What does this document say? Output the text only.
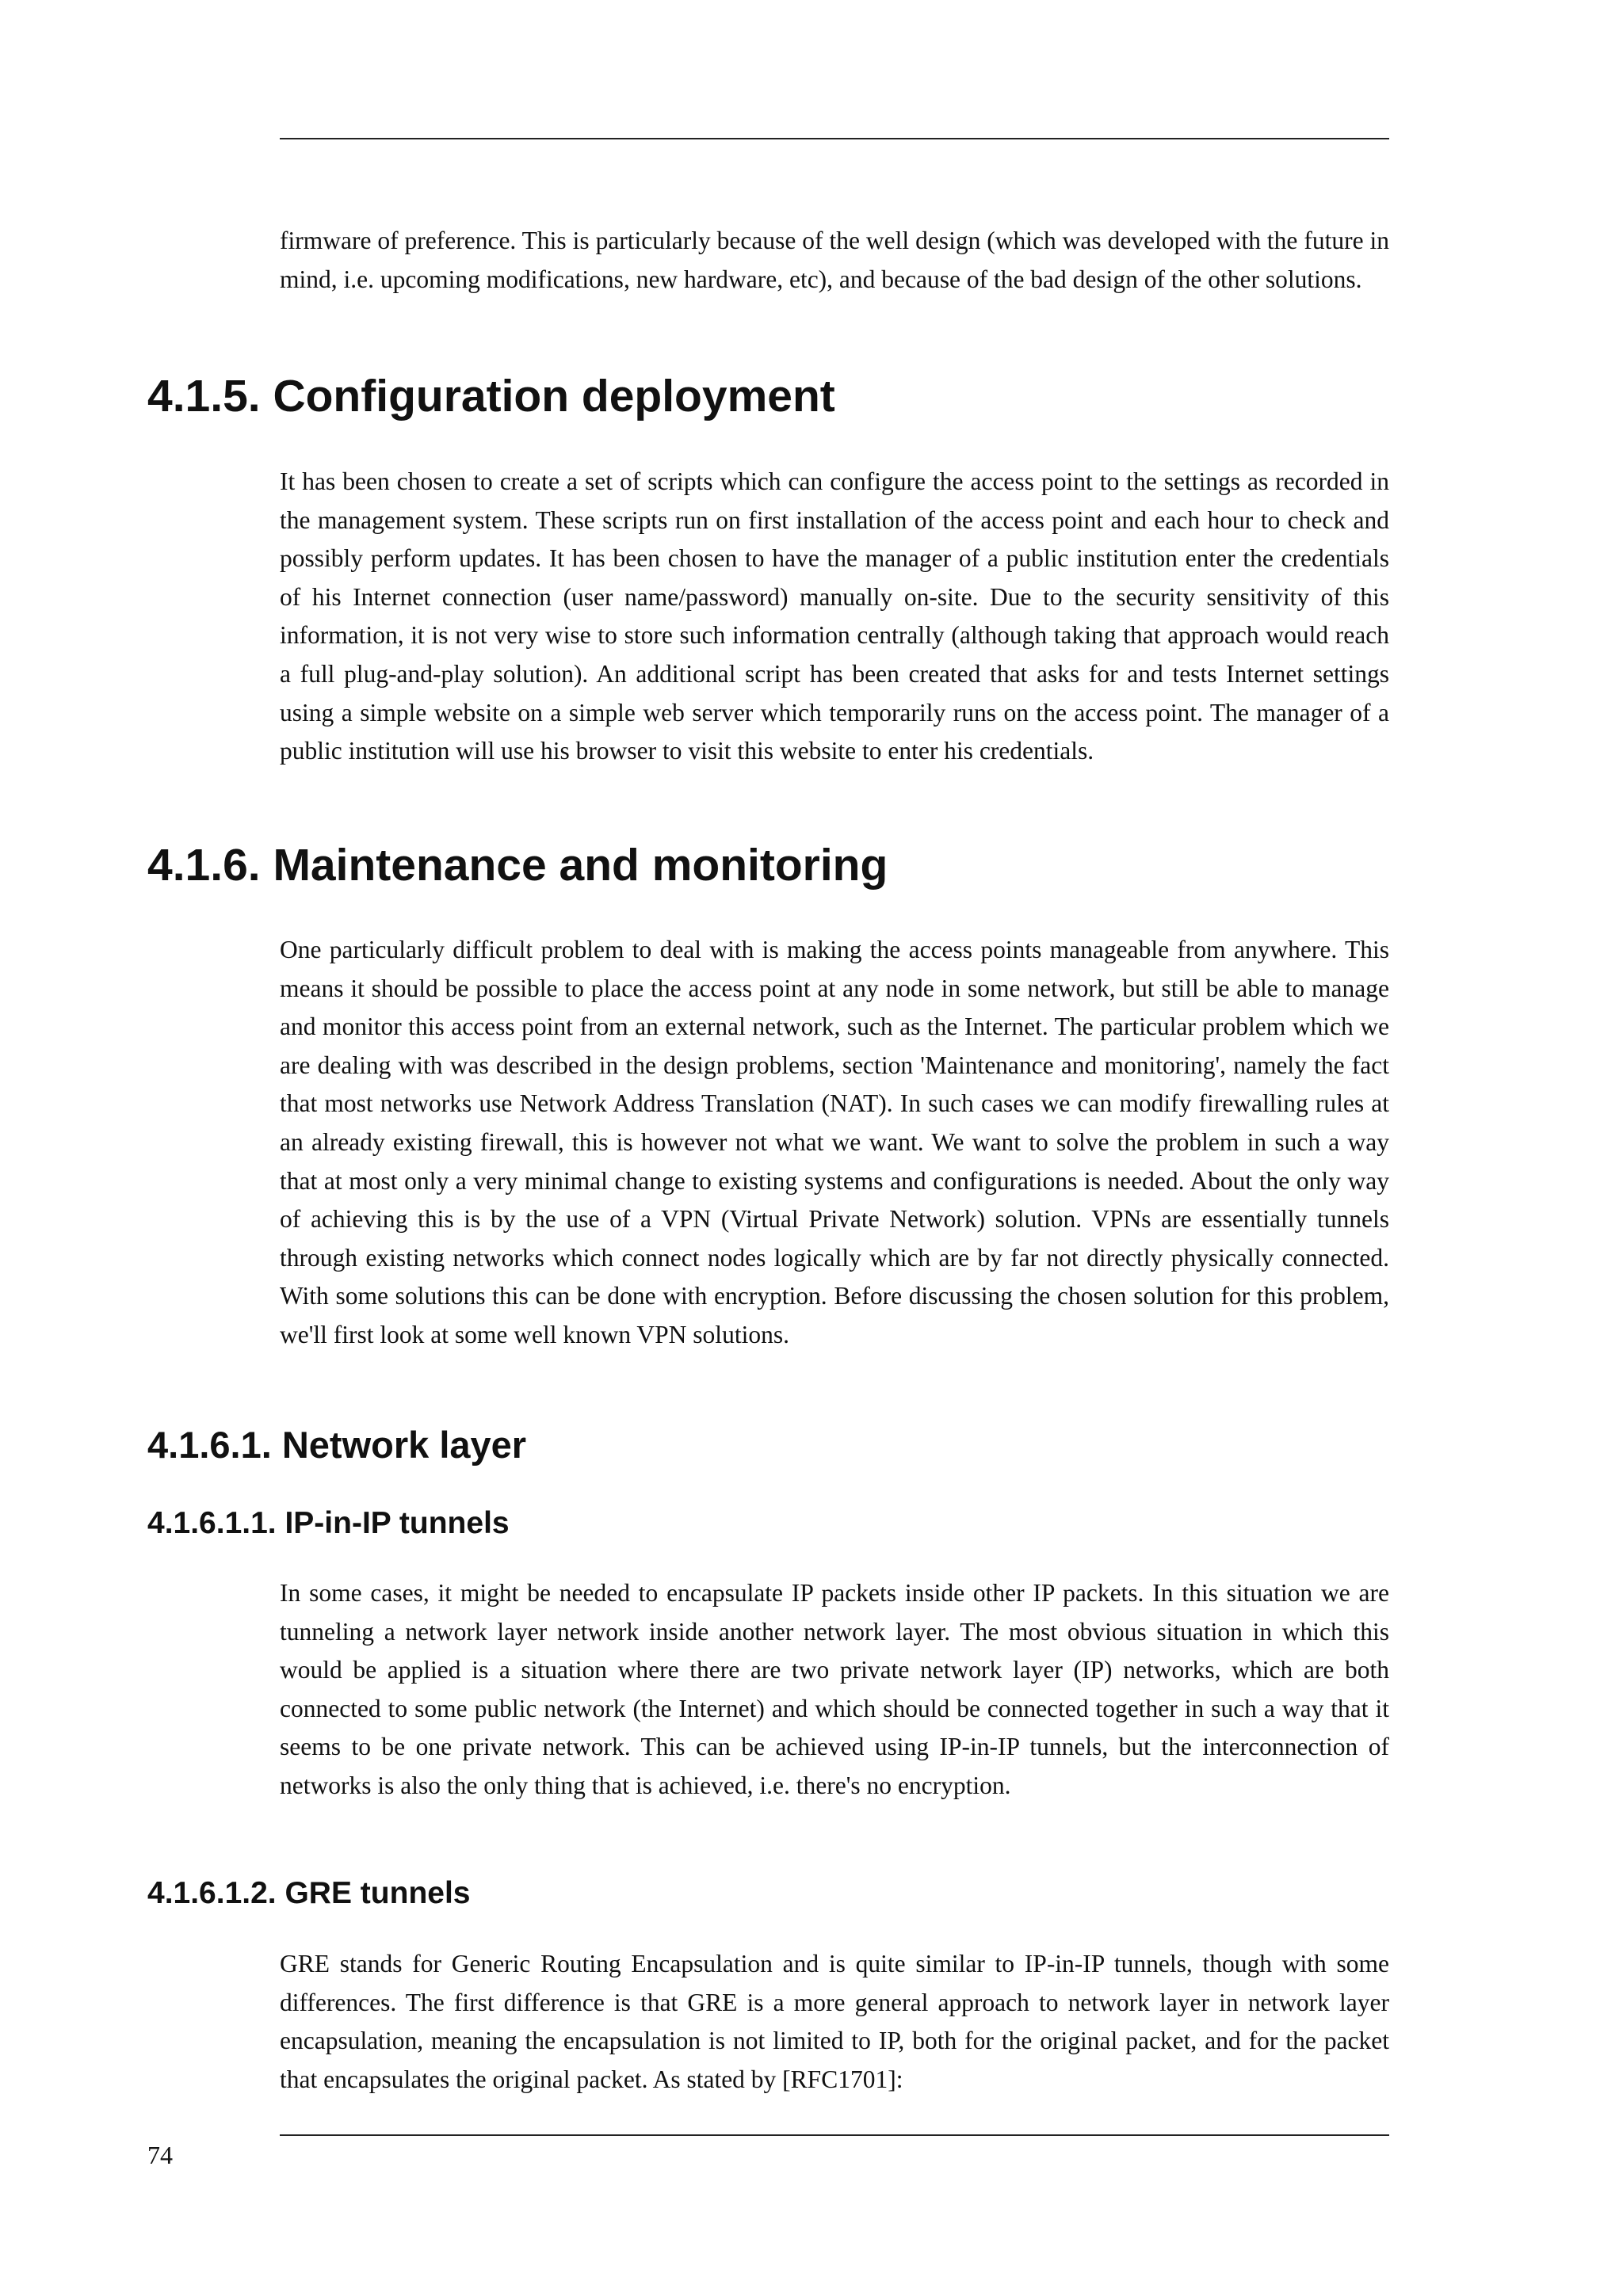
firmware of preference. This is particularly because of the well design (which was developed with the future in mind, i.e. upcoming modifications, new hardware, etc), and because of the bad design of the other solutions.

4.1.5. Configuration deployment

It has been chosen to create a set of scripts which can configure the access point to the settings as recorded in the management system. These scripts run on first installation of the access point and each hour to check and possibly perform updates. It has been chosen to have the manager of a public institution enter the credentials of his Internet connection (user name/password) manually on-site. Due to the security sensitivity of this information, it is not very wise to store such information centrally (although taking that approach would reach a full plug-and-play solution). An additional script has been created that asks for and tests Internet settings using a simple website on a simple web server which temporarily runs on the access point. The manager of a public institution will use his browser to visit this website to enter his credentials.

4.1.6. Maintenance and monitoring

One particularly difficult problem to deal with is making the access points manageable from anywhere. This means it should be possible to place the access point at any node in some network, but still be able to manage and monitor this access point from an external network, such as the Internet. The particular problem which we are dealing with was described in the design problems, section 'Maintenance and monitoring', namely the fact that most networks use Network Address Translation (NAT). In such cases we can modify firewalling rules at an already existing firewall, this is however not what we want. We want to solve the problem in such a way that at most only a very minimal change to existing systems and configurations is needed. About the only way of achieving this is by the use of a VPN (Virtual Private Network) solution. VPNs are essentially tunnels through existing networks which connect nodes logically which are by far not directly physically connected. With some solutions this can be done with encryption. Before discussing the chosen solution for this problem, we'll first look at some well known VPN solutions.

4.1.6.1. Network layer
4.1.6.1.1. IP-in-IP tunnels

In some cases, it might be needed to encapsulate IP packets inside other IP packets. In this situation we are tunneling a network layer network inside another network layer. The most obvious situation in which this would be applied is a situation where there are two private network layer (IP) networks, which are both connected to some public network (the Internet) and which should be connected together in such a way that it seems to be one private network. This can be achieved using IP-in-IP tunnels, but the interconnection of networks is also the only thing that is achieved, i.e. there's no encryption.

4.1.6.1.2. GRE tunnels

GRE stands for Generic Routing Encapsulation and is quite similar to IP-in-IP tunnels, though with some differences. The first difference is that GRE is a more general approach to network layer in network layer encapsulation, meaning the encapsulation is not limited to IP, both for the original packet, and for the packet that encapsulates the original packet. As stated by [RFC1701]:

74
